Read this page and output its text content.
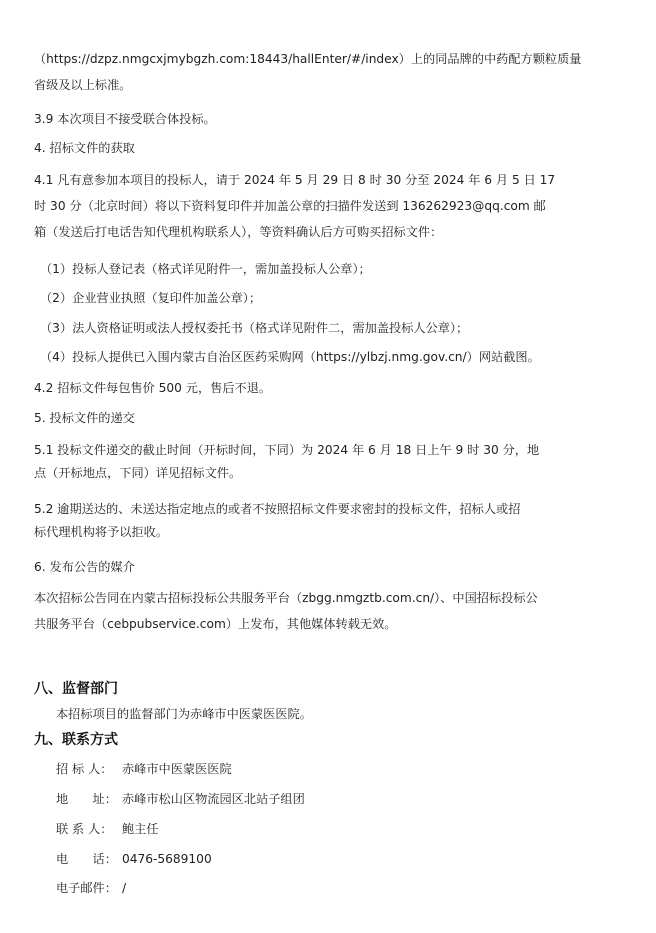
（https://dzpz.nmgcxjmybgzh.com:18443/hallEnter/#/index）上的同品牌的中药配方颗粒质量
省级及以上标准。
3.9 本次项目不接受联合体投标。
4. 招标文件的获取
4.1 凡有意参加本项目的投标人，请于 2024 年 5 月 29 日 8 时 30 分至 2024 年 6 月 5 日 17
时 30 分（北京时间）将以下资料复印件并加盖公章的扫描件发送到 136262923@qq.com 邮
箱（发送后打电话告知代理机构联系人），等资料确认后方可购买招标文件：
（1）投标人登记表（格式详见附件一，需加盖投标人公章）；
（2）企业营业执照（复印件加盖公章）；
（3）法人资格证明或法人授权委托书（格式详见附件二，需加盖投标人公章）；
（4）投标人提供已入围内蒙古自治区医药采购网（https://ylbzj.nmg.gov.cn/）网站截图。
4.2 招标文件每包售价 500 元，售后不退。
5. 投标文件的递交
5.1 投标文件递交的截止时间（开标时间，下同）为 2024 年 6 月 18 日上午 9 时 30 分，地
点（开标地点，下同）详见招标文件。
5.2 逾期送达的、未送达指定地点的或者不按照招标文件要求密封的投标文件，招标人或招
标代理机构将予以拒收。
6. 发布公告的媒介
本次招标公告同在内蒙古招标投标公共服务平台（zbgg.nmgztb.com.cn/）、中国招标投标公
共服务平台（cebpubservice.com）上发布，其他媒体转载无效。
八、监督部门
本招标项目的监督部门为赤峰市中医蒙医医院。
九、联系方式
招 标 人： 赤峰市中医蒙医医院
地　　址： 赤峰市松山区物流园区北站子组团
联 系 人： 鲍主任
电　　话： 0476-5689100
电子邮件： /
